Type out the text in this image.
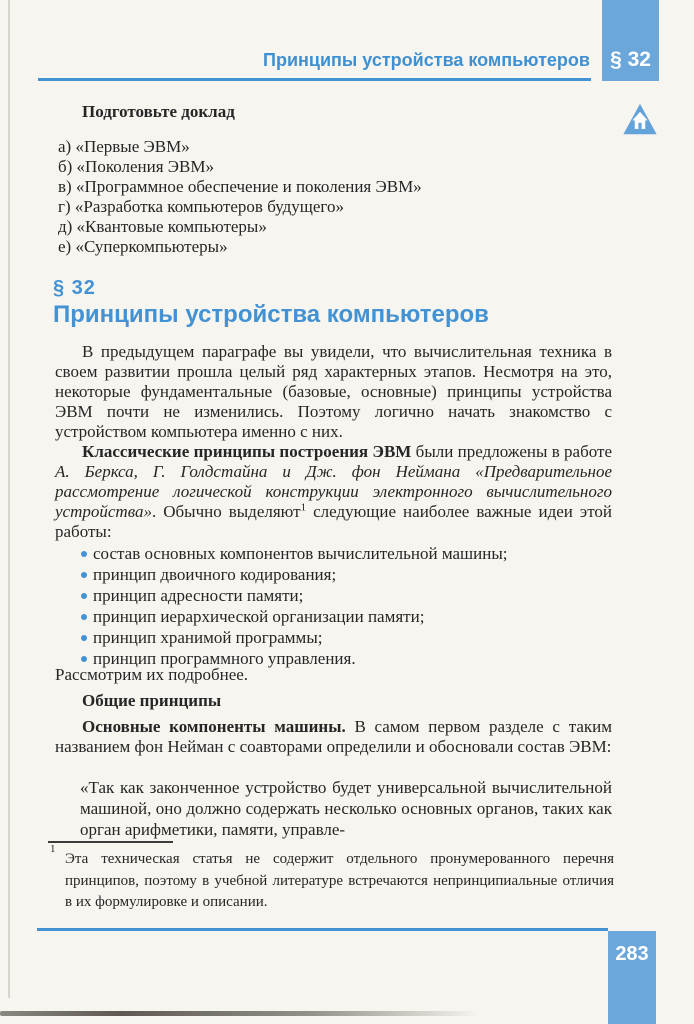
Принципы устройства компьютеров § 32
Подготовьте доклад
а) «Первые ЭВМ»
б) «Поколения ЭВМ»
в) «Программное обеспечение и поколения ЭВМ»
г) «Разработка компьютеров будущего»
д) «Квантовые компьютеры»
е) «Суперкомпьютеры»
§ 32
Принципы устройства компьютеров

В предыдущем параграфе вы увидели, что вычислительная техника в своем развитии прошла целый ряд характерных этапов. Несмотря на это, некоторые фундаментальные (базовые, основные) принципы устройства ЭВМ почти не изменились. Поэтому логично начать знакомство с устройством компьютера именно с них.

Классические принципы построения ЭВМ были предложены в работе А. Беркса, Г. Голдстайна и Дж. фон Неймана «Предварительное рассмотрение логической конструкции электронного вычислительного устройства». Обычно выделяют$^1$ следующие наиболее важные идеи этой работы:

состав основных компонентов вычислительной машины;
принцип двоичного кодирования;
принцип адресности памяти;
принцип иерархической организации памяти;
принцип хранимой программы;
принцип программного управления.

Рассмотрим их подробнее.

Общие принципы

Основные компоненты машины. В самом первом разделе с таким названием фон Нейман с соавторами определили и обосновали состав ЭВМ:

«Так как законченное устройство будет универсальной вычислительной машиной, оно должно содержать несколько основных органов, таких как орган арифметики, памяти, управле-
1
Эта техническая статья не содержит отдельного пронумерованного перечня принципов, поэтому в учебной литературе встречаются непринципиальные отличия в их формулировке и описании.
283
